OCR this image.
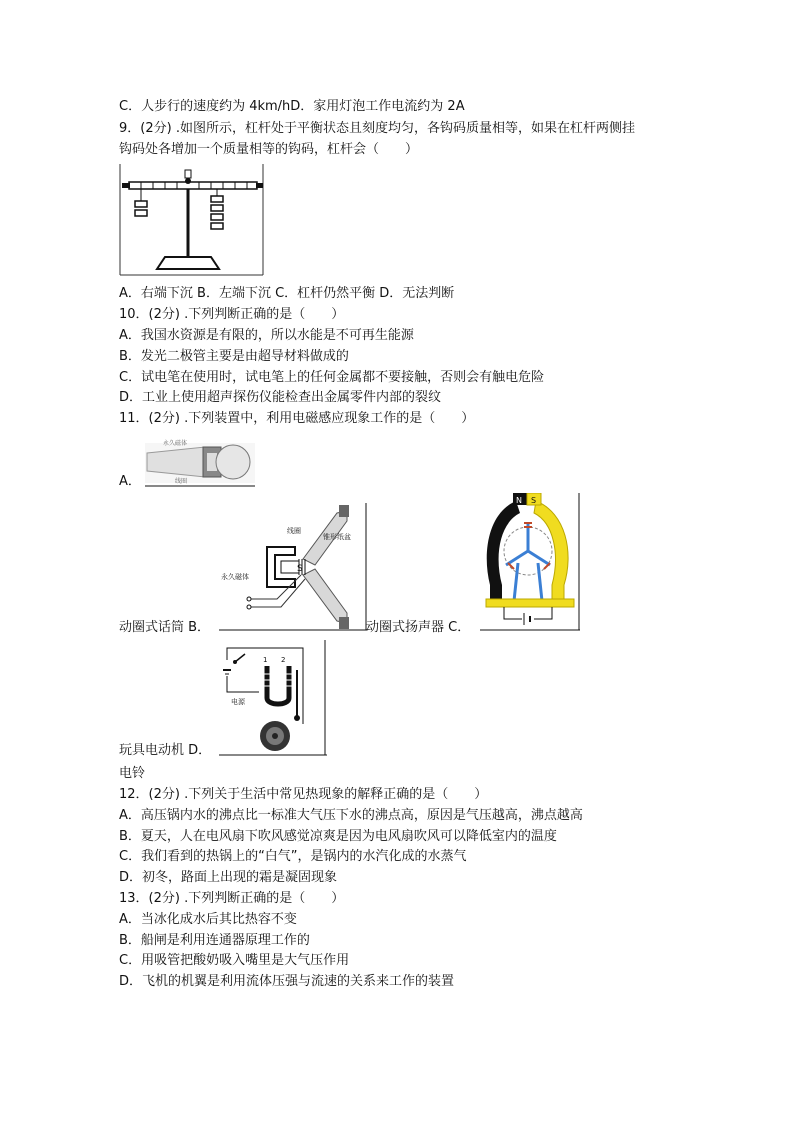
C．人步行的速度约为 4km/hD．家用灯泡工作电流约为 2A
9．(2分) .如图所示，杠杆处于平衡状态且刻度均匀，各钩码质量相等，如果在杠杆两侧挂
钩码处各增加一个质量相等的钩码，杠杆会（　　）
A．右端下沉 B．左端下沉 C．杠杆仍然平衡 D．无法判断
10．(2分) .下列判断正确的是（　　）
A．我国水资源是有限的，所以水能是不可再生能源
B．发光二极管主要是由超导材料做成的
C．试电笔在使用时，试电笔上的任何金属都不要接触，否则会有触电危险
D．工业上使用超声探伤仪能检查出金属零件内部的裂纹
11．(2分) .下列装置中，利用电磁感应现象工作的是（　　）
A．
永久磁体
线圈
动圈式话筒 B．
线圈
锥形纸盆
永久磁体
S
动圈式扬声器 C．
N S
电源
1 2
玩具电动机 D．
电铃
12．(2分) .下列关于生活中常见热现象的解释正确的是（　　）
A．高压锅内水的沸点比一标准大气压下水的沸点高，原因是气压越高，沸点越高
B．夏天，人在电风扇下吹风感觉凉爽是因为电风扇吹风可以降低室内的温度
C．我们看到的热锅上的“白气”，是锅内的水汽化成的水蒸气
D．初冬，路面上出现的霜是凝固现象
13．(2分) .下列判断正确的是（　　）
A．当冰化成水后其比热容不变
B．船闸是利用连通器原理工作的
C．用吸管把酸奶吸入嘴里是大气压作用
D．飞机的机翼是利用流体压强与流速的关系来工作的装置
